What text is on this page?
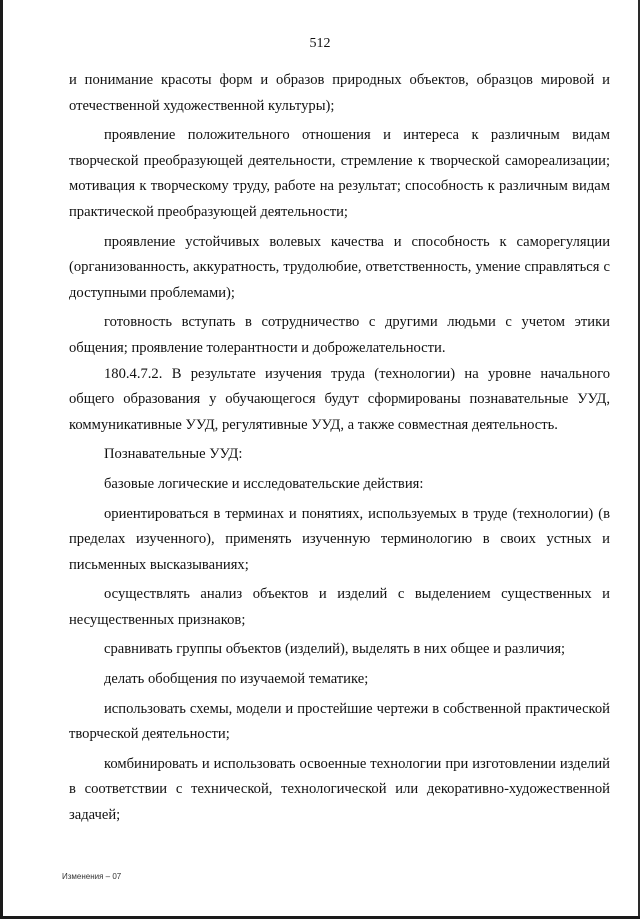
512

и понимание красоты форм и образов природных объектов, образцов мировой и отечественной художественной культуры);

проявление положительного отношения и интереса к различным видам творческой преобразующей деятельности, стремление к творческой самореализации; мотивация к творческому труду, работе на результат; способность к различным видам практической преобразующей деятельности;

проявление устойчивых волевых качества и способность к саморегуляции (организованность, аккуратность, трудолюбие, ответственность, умение справляться с доступными проблемами);

готовность вступать в сотрудничество с другими людьми с учетом этики общения; проявление толерантности и доброжелательности.

180.4.7.2. В результате изучения труда (технологии) на уровне начального общего образования у обучающегося будут сформированы познавательные УУД, коммуникативные УУД, регулятивные УУД, а также совместная деятельность.

Познавательные УУД:

базовые логические и исследовательские действия:

ориентироваться в терминах и понятиях, используемых в труде (технологии) (в пределах изученного), применять изученную терминологию в своих устных и письменных высказываниях;

осуществлять анализ объектов и изделий с выделением существенных и несущественных признаков;

сравнивать группы объектов (изделий), выделять в них общее и различия;

делать обобщения по изучаемой тематике;

использовать схемы, модели и простейшие чертежи в собственной практической творческой деятельности;

комбинировать и использовать освоенные технологии при изготовлении изделий в соответствии с технической, технологической или декоративно-художественной задачей;

Изменения – 07
